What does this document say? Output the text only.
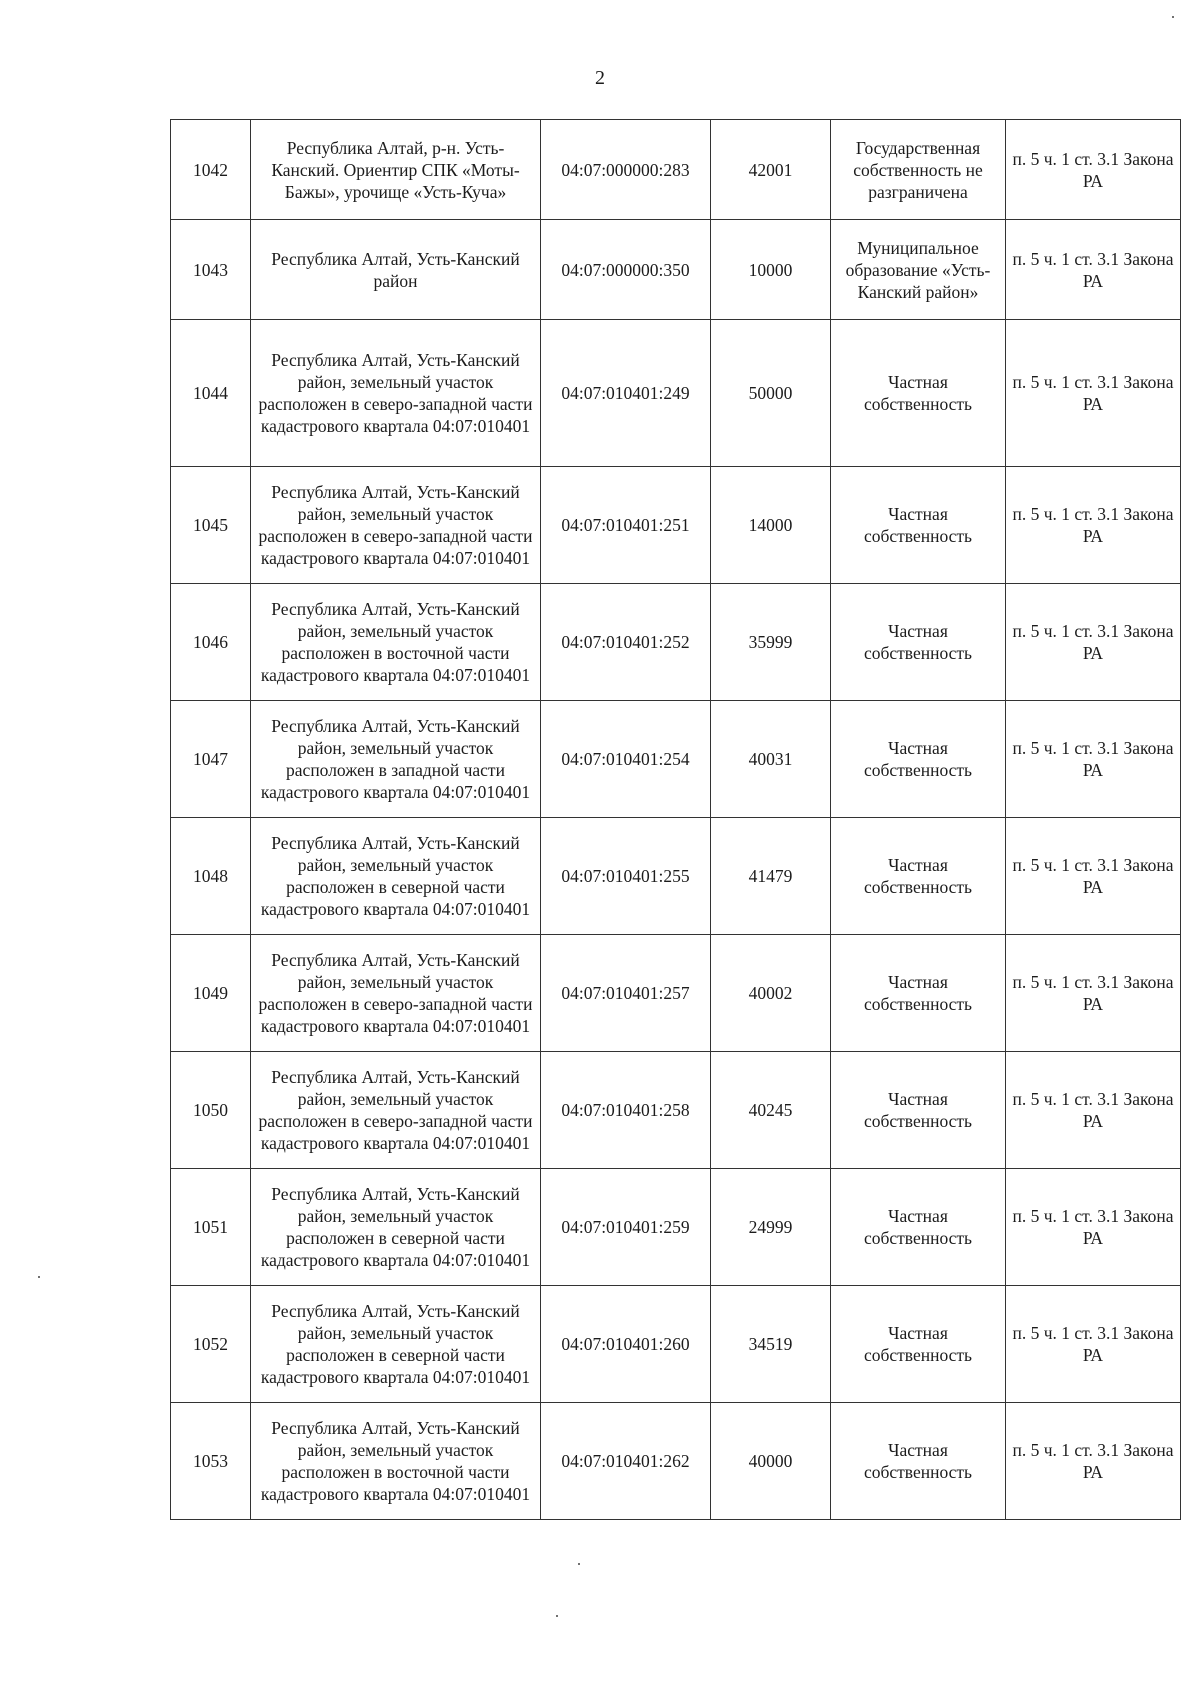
2
1042	Республика Алтай, р-н. Усть-Канский. Ориентир СПК «Моты-Бажы», урочище «Усть-Куча»	04:07:000000:283	42001	Государственная собственность не разграничена	п. 5 ч. 1 ст. 3.1 Закона РА
1043	Республика Алтай, Усть-Канский район	04:07:000000:350	10000	Муниципальное образование «Усть-Канский район»	п. 5 ч. 1 ст. 3.1 Закона РА
1044	Республика Алтай, Усть-Канский район, земельный участок расположен в северо-западной части кадастрового квартала 04:07:010401	04:07:010401:249	50000	Частная собственность	п. 5 ч. 1 ст. 3.1 Закона РА
1045	Республика Алтай, Усть-Канский район, земельный участок расположен в северо-западной части кадастрового квартала 04:07:010401	04:07:010401:251	14000	Частная собственность	п. 5 ч. 1 ст. 3.1 Закона РА
1046	Республика Алтай, Усть-Канский район, земельный участок расположен в восточной части кадастрового квартала 04:07:010401	04:07:010401:252	35999	Частная собственность	п. 5 ч. 1 ст. 3.1 Закона РА
1047	Республика Алтай, Усть-Канский район, земельный участок расположен в западной части кадастрового квартала 04:07:010401	04:07:010401:254	40031	Частная собственность	п. 5 ч. 1 ст. 3.1 Закона РА
1048	Республика Алтай, Усть-Канский район, земельный участок расположен в северной части кадастрового квартала 04:07:010401	04:07:010401:255	41479	Частная собственность	п. 5 ч. 1 ст. 3.1 Закона РА
1049	Республика Алтай, Усть-Канский район, земельный участок расположен в северо-западной части кадастрового квартала 04:07:010401	04:07:010401:257	40002	Частная собственность	п. 5 ч. 1 ст. 3.1 Закона РА
1050	Республика Алтай, Усть-Канский район, земельный участок расположен в северо-западной части кадастрового квартала 04:07:010401	04:07:010401:258	40245	Частная собственность	п. 5 ч. 1 ст. 3.1 Закона РА
1051	Республика Алтай, Усть-Канский район, земельный участок расположен в северной части кадастрового квартала 04:07:010401	04:07:010401:259	24999	Частная собственность	п. 5 ч. 1 ст. 3.1 Закона РА
1052	Республика Алтай, Усть-Канский район, земельный участок расположен в северной части кадастрового квартала 04:07:010401	04:07:010401:260	34519	Частная собственность	п. 5 ч. 1 ст. 3.1 Закона РА
1053	Республика Алтай, Усть-Канский район, земельный участок расположен в восточной части кадастрового квартала 04:07:010401	04:07:010401:262	40000	Частная собственность	п. 5 ч. 1 ст. 3.1 Закона РА
